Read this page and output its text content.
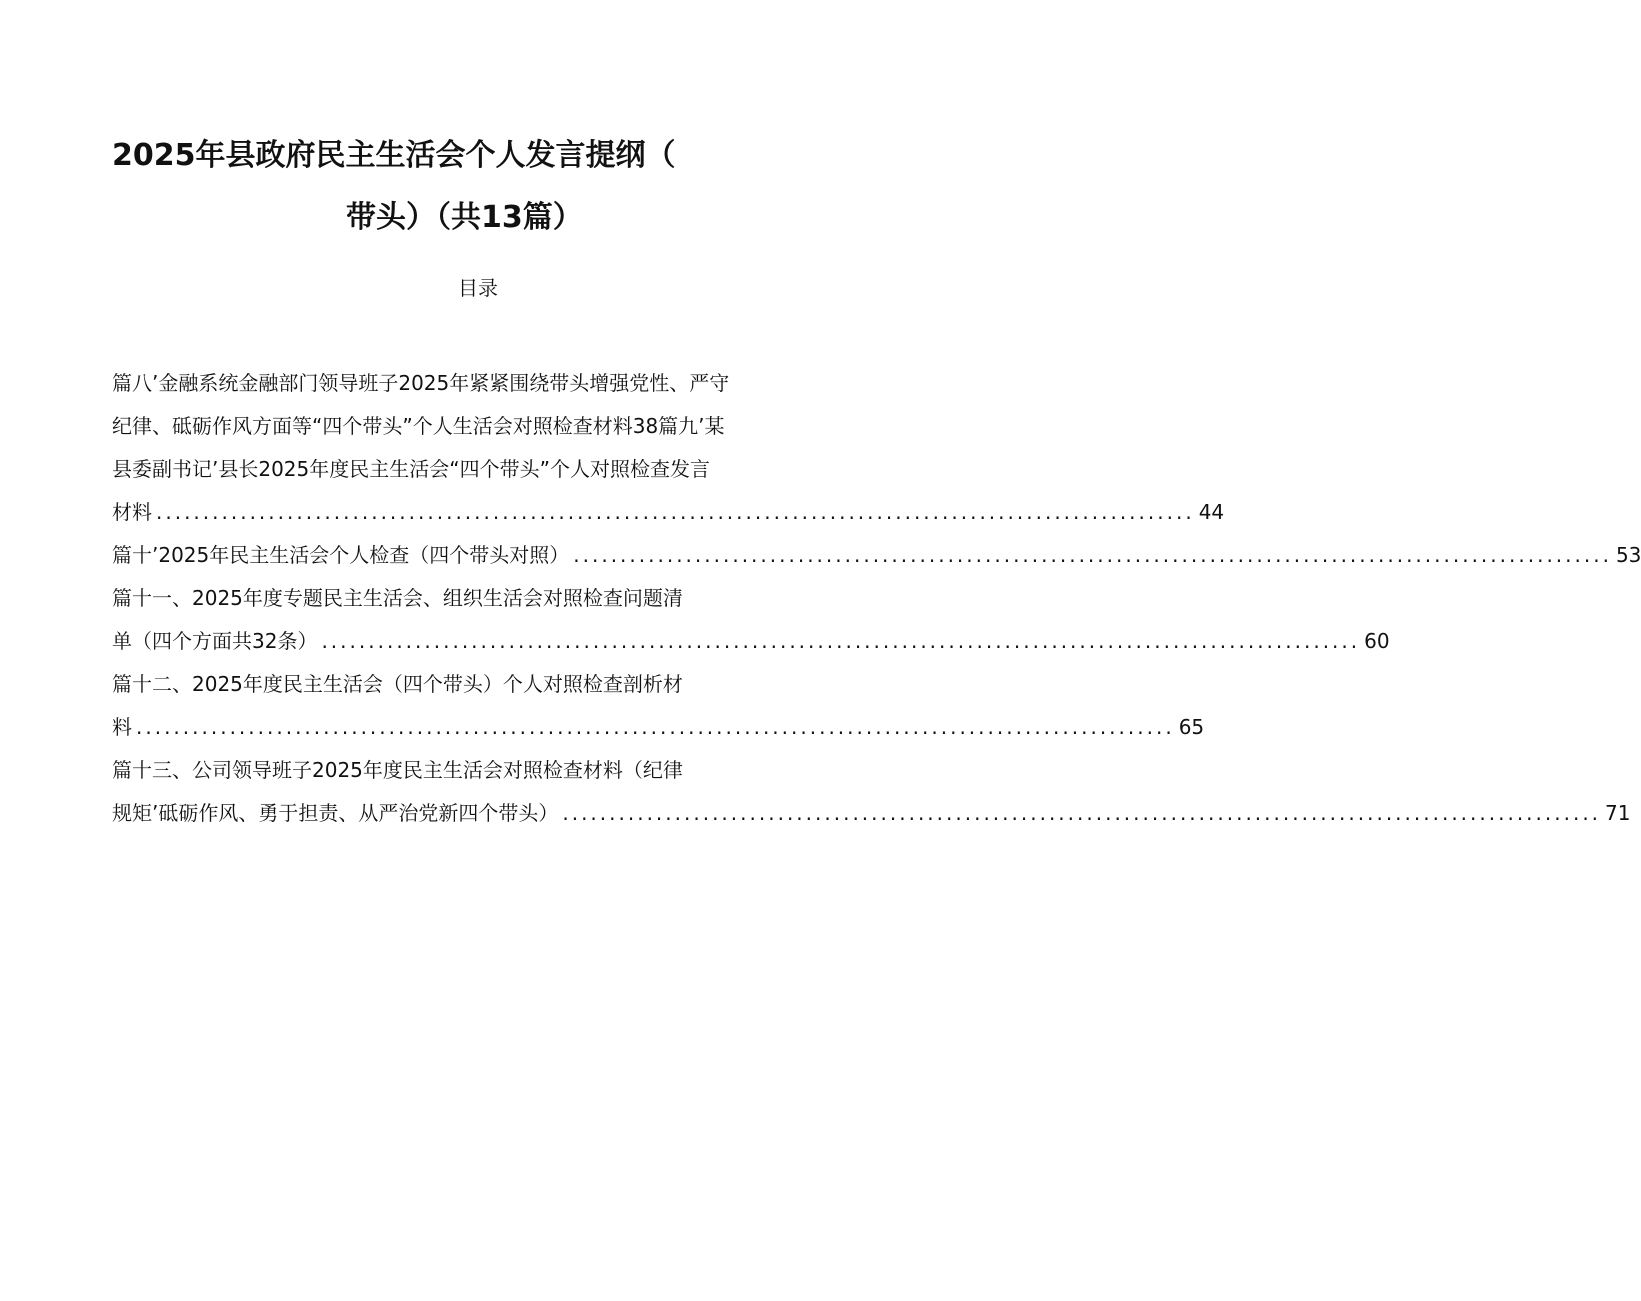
2025年县政府民主生活会个人发言提纲（
带头）（共13篇）
目录
篇八’金融系统金融部门领导班子2025年紧紧围绕带头增强党性、严守
纪律、砥砺作风方面等“四个带头”个人生活会对照检查材料38篇九’某
县委副书记’县长2025年度民主生活会“四个带头”个人对照检查发言
材料 ............................................................................................................... 44
篇十’2025年民主生活会个人检查（四个带头对照） ............................................................................................................... 53
篇十一、2025年度专题民主生活会、组织生活会对照检查问题清
单（四个方面共32条） ............................................................................................................... 60
篇十二、2025年度民主生活会（四个带头）个人对照检查剖析材
料 ............................................................................................................... 65
篇十三、公司领导班子2025年度民主生活会对照检查材料（纪律
规矩’砥砺作风、勇于担责、从严治党新四个带头） ............................................................................................................... 71
